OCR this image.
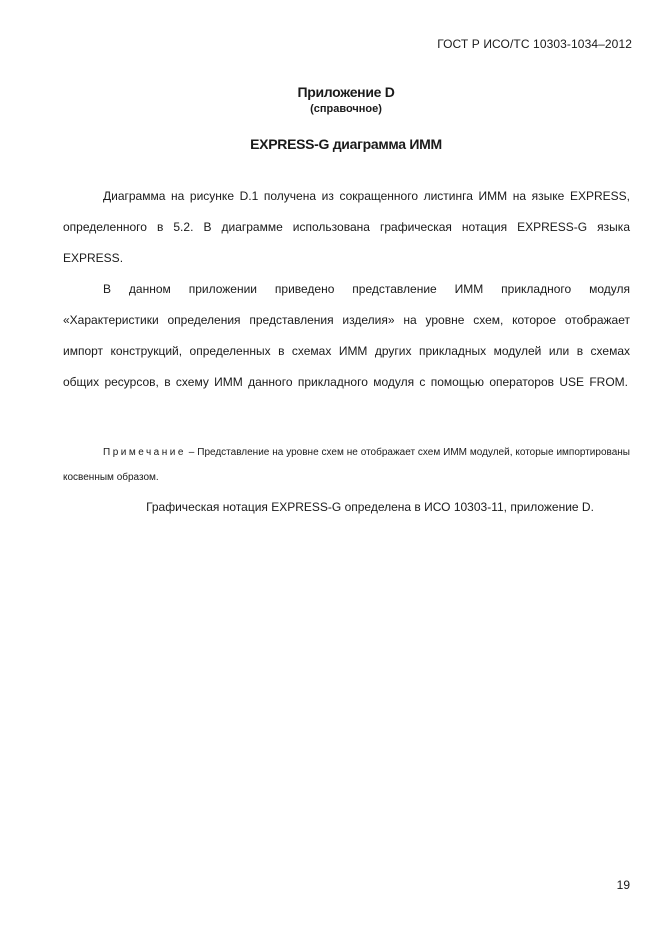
ГОСТ Р ИСО/ТС 10303-1034–2012
Приложение D
(справочное)
EXPRESS-G диаграмма ИММ
Диаграмма на рисунке D.1 получена из сокращенного листинга ИММ на языке EXPRESS, определенного в 5.2. В диаграмме использована графическая нотация EXPRESS-G языка EXPRESS.
В данном приложении приведено представление ИММ прикладного модуля «Характеристики определения представления изделия» на уровне схем, которое отображает импорт конструкций, определенных в схемах ИММ других прикладных модулей или в схемах общих ресурсов, в схему ИММ данного прикладного модуля с помощью операторов USE FROM.
Примечание – Представление на уровне схем не отображает схем ИММ модулей, которые импортированы косвенным образом.
Графическая нотация EXPRESS-G определена в ИСО 10303-11, приложение D.
19
